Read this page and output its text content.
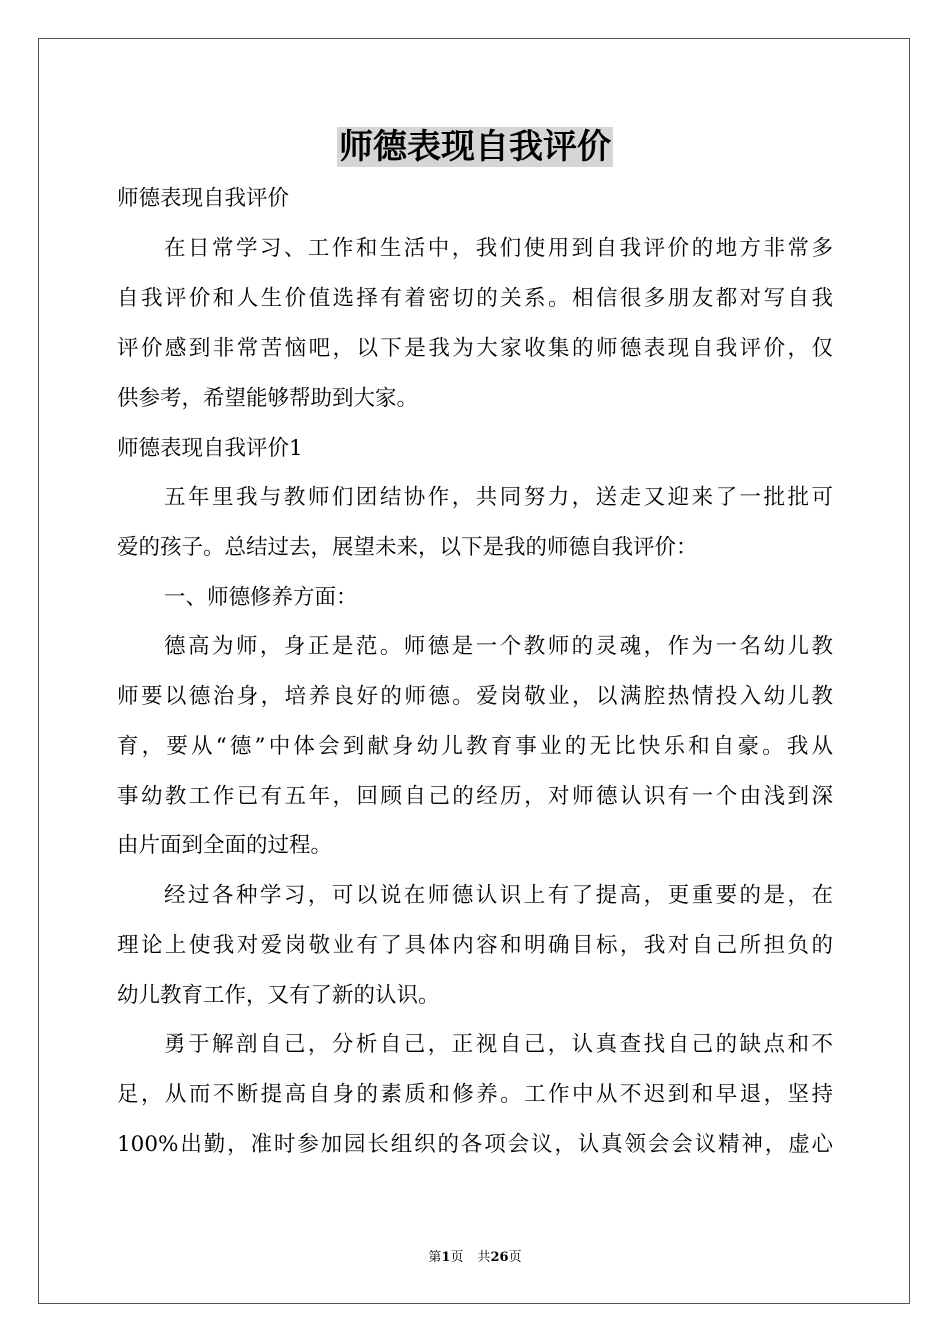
师德表现自我评价
师德表现自我评价
在日常学习、工作和生活中，我们使用到自我评价的地方非常多
自我评价和人生价值选择有着密切的关系。相信很多朋友都对写自我
评价感到非常苦恼吧，以下是我为大家收集的师德表现自我评价，仅
供参考，希望能够帮助到大家。
师德表现自我评价1
五年里我与教师们团结协作，共同努力，送走又迎来了一批批可
爱的孩子。总结过去，展望未来，以下是我的师德自我评价：
一、师德修养方面：
德高为师，身正是范。师德是一个教师的灵魂，作为一名幼儿教
师要以德治身，培养良好的师德。爱岗敬业，以满腔热情投入幼儿教
育，要从“德”中体会到献身幼儿教育事业的无比快乐和自豪。我从
事幼教工作已有五年，回顾自己的经历，对师德认识有一个由浅到深
由片面到全面的过程。
经过各种学习，可以说在师德认识上有了提高，更重要的是，在
理论上使我对爱岗敬业有了具体内容和明确目标，我对自己所担负的
幼儿教育工作，又有了新的认识。
勇于解剖自己，分析自己，正视自己，认真查找自己的缺点和不
足，从而不断提高自身的素质和修养。工作中从不迟到和早退，坚持
100%出勤，准时参加园长组织的各项会议，认真领会会议精神，虚心
第1页 共26页
